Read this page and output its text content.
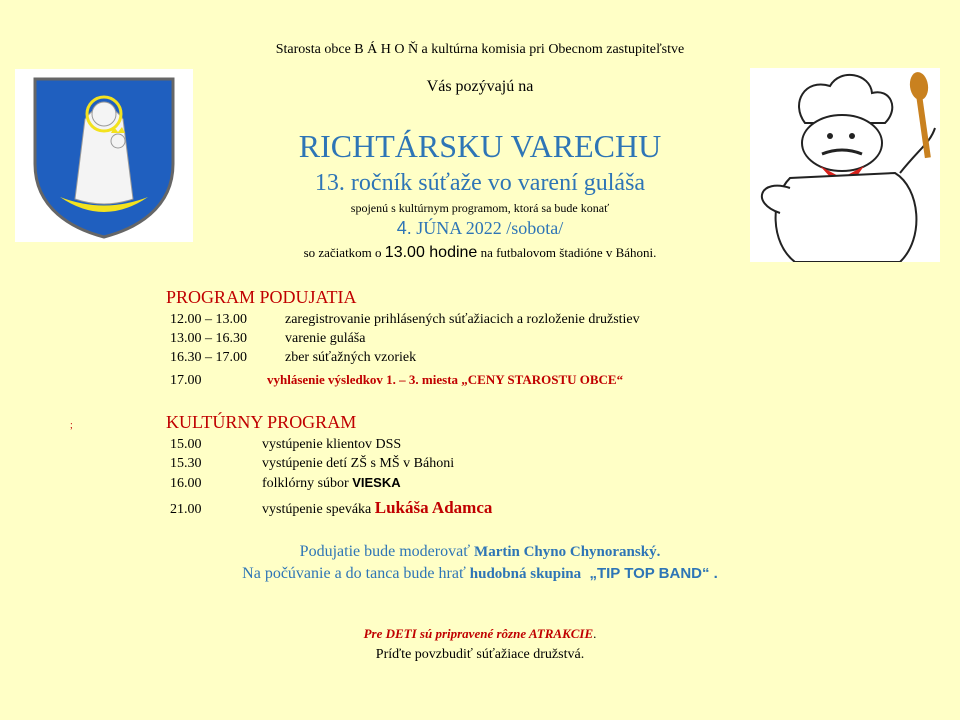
Starosta obce B Á H O Ň a kultúrna komisia pri Obecnom zastupiteľstve
Vás pozývajú na
RICHTÁRSKU VARECHU
13. ročník súťaže vo varení guláša
spojenú s kultúrnym programom, ktorá sa bude konať
4. JÚNA 2022 /sobota/
so začiatkom o 13.00 hodine na futbalovom štadióne v Báhoni.
PROGRAM PODUJATIA
12.00 – 13.00	zaregistrovanie prihlásených súťažiacich a rozloženie družstiev
13.00 – 16.30	varenie guláša
16.30 – 17.00	zber súťažných vzoriek
17.00	vyhlásenie výsledkov 1. – 3. miesta „CENY STAROSTU OBCE“
;	KULTÚRNY PROGRAM
15.00	vystúpenie klientov DSS
15.30	vystúpenie detí ZŠ s MŠ v Báhoni
16.00	folklórny súbor VIESKA
21.00	vystúpenie speváka Lukáša Adamca
Podujatie bude moderovať Martin Chyno Chynoranský.
Na počúvanie a do tanca bude hrať hudobná skupina  „TIP TOP BAND“ .
Pre DETI sú pripravené rôzne ATRAKCIE.
Príďte povzbudiť súťažiace družstvá.
